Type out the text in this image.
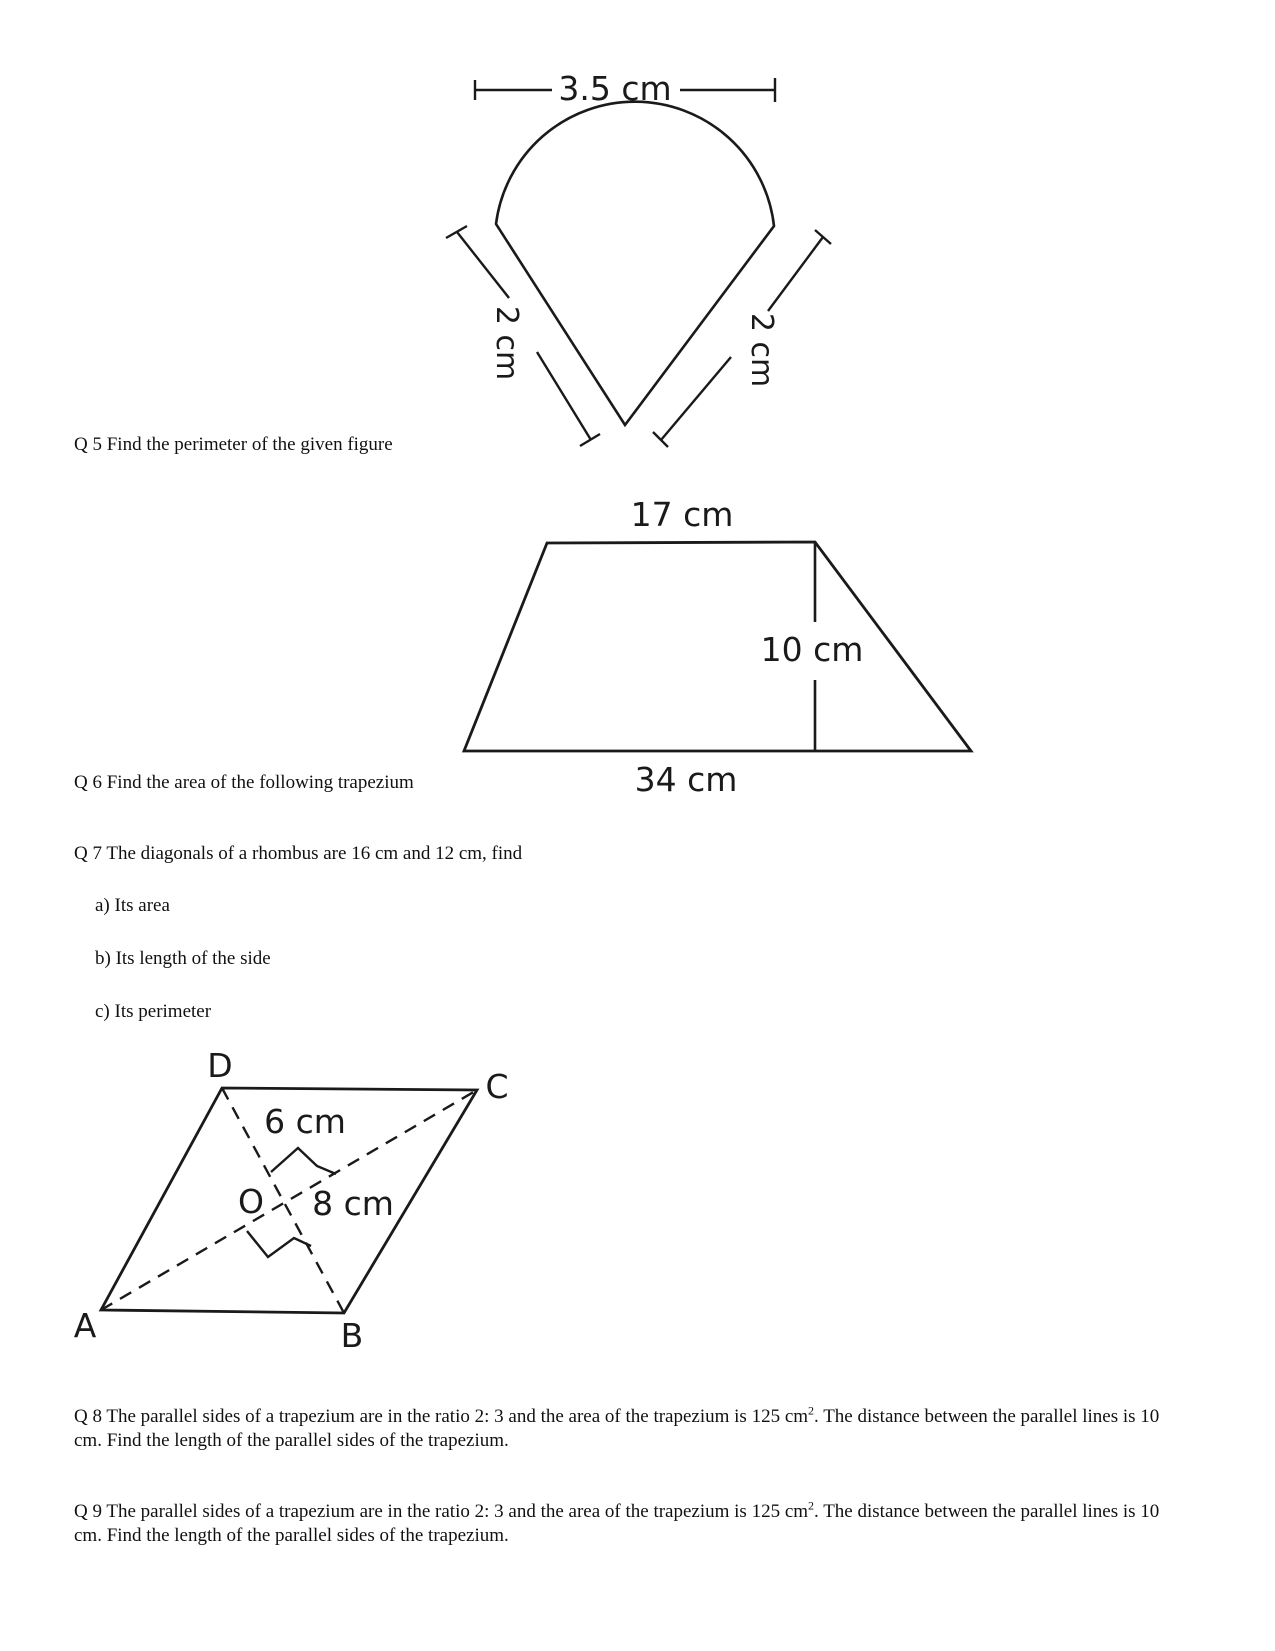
3.5 cm
2 cm	2 cm
Q 5 Find the perimeter of the given figure
17 cm
10 cm
34 cm
Q 6 Find the area of the following trapezium
Q 7 The diagonals of a rhombus are 16 cm and 12 cm, find
a) Its area
b) Its length of the side
c) Its perimeter
D
C
A	B
O
6 cm
8 cm
Q 8 The parallel sides of a trapezium are in the ratio 2: 3 and the area of the trapezium is 125 $cm^2$. The distance between the parallel lines is 10 cm. Find the length of the parallel sides of the trapezium.
Q 9 The parallel sides of a trapezium are in the ratio 2: 3 and the area of the trapezium is 125 $cm^2$. The distance between the parallel lines is 10 cm. Find the length of the parallel sides of the trapezium.
